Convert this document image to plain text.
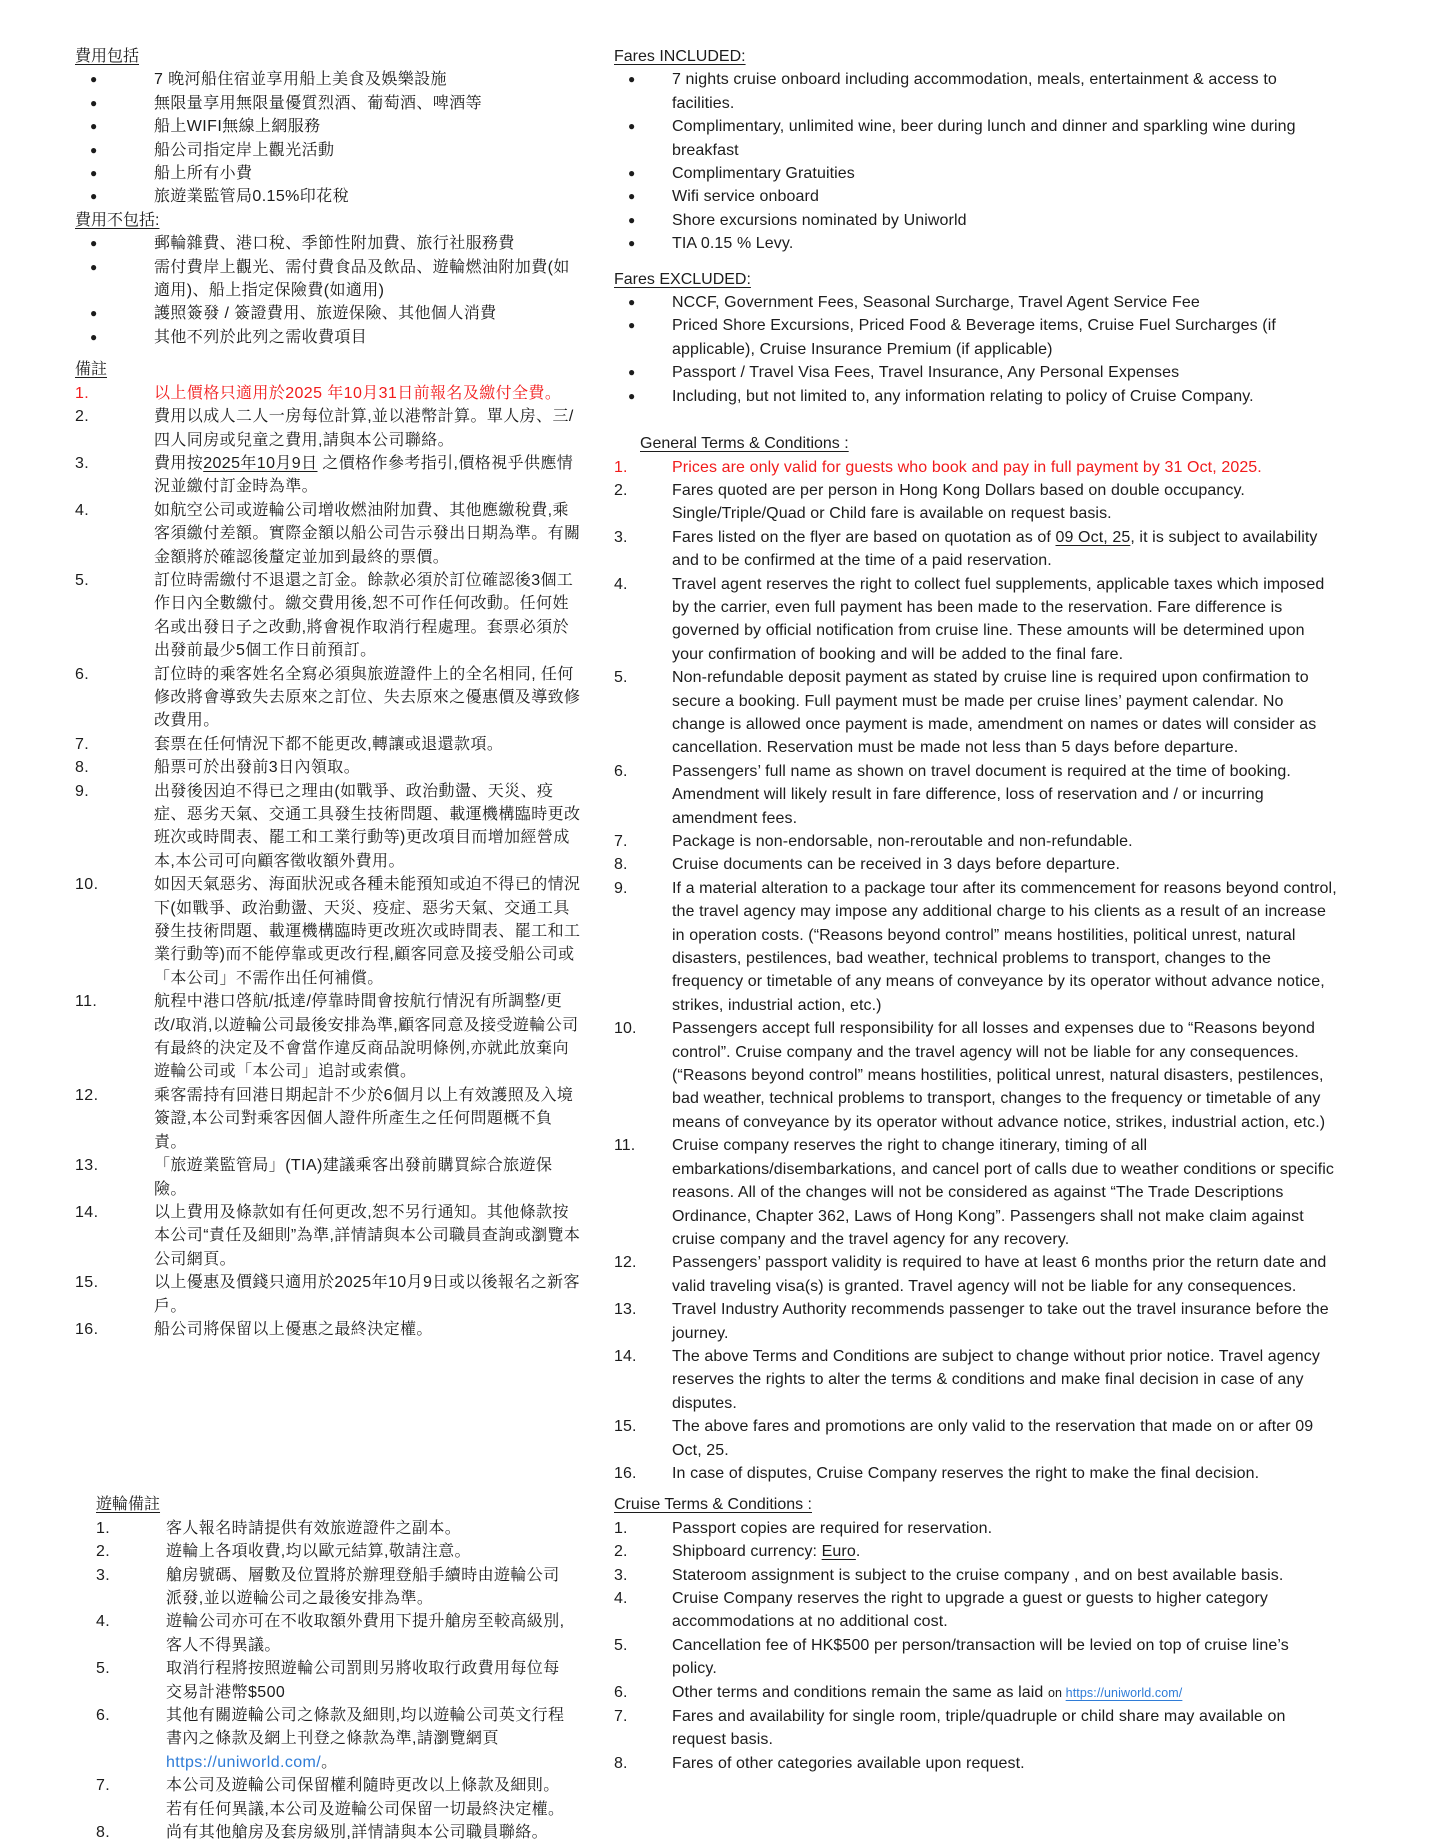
費用包括
●	7 晚河船住宿並享用船上美食及娛樂設施
●	無限量享用無限量優質烈酒、葡萄酒、啤酒等
●	船上WIFI無線上網服務
●	船公司指定岸上觀光活動
●	船上所有小費
●	旅遊業監管局0.15%印花稅
費用不包括:
●	郵輪雜費、港口稅、季節性附加費、旅行社服務費
●	需付費岸上觀光、需付費食品及飲品、遊輪燃油附加費(如適用)、船上指定保險費(如適用)
●	護照簽發 / 簽證費用、旅遊保險、其他個人消費
●	其他不列於此列之需收費項目
備註
1.	以上價格只適用於2025 年10月31日前報名及繳付全費。
2.	費用以成人二人一房每位計算,並以港幣計算。單人房、三/四人同房或兒童之費用,請與本公司聯絡。
3.	費用按2025年10月9日 之價格作參考指引,價格視乎供應情況並繳付訂金時為準。
4.	如航空公司或遊輪公司增收燃油附加費、其他應繳稅費,乘客須繳付差額。實際金額以船公司告示發出日期為準。有關金額將於確認後釐定並加到最終的票價。
5.	訂位時需繳付不退還之訂金。餘款必須於訂位確認後3個工作日內全數繳付。繳交費用後,恕不可作任何改動。任何姓名或出發日子之改動,將會視作取消行程處理。套票必須於出發前最少5個工作日前預訂。
6.	訂位時的乘客姓名全寫必須與旅遊證件上的全名相同, 任何修改將會導致失去原來之訂位、失去原來之優惠價及導致修改費用。
7.	套票在任何情況下都不能更改,轉讓或退還款項。
8.	船票可於出發前3日內領取。
9.	出發後因迫不得已之理由(如戰爭、政治動盪、天災、疫症、惡劣天氣、交通工具發生技術問題、載運機構臨時更改班次或時間表、罷工和工業行動等)更改項目而增加經營成本,本公司可向顧客徵收額外費用。
10.	如因天氣惡劣、海面狀況或各種未能預知或迫不得已的情況下(如戰爭、政治動盪、天災、疫症、惡劣天氣、交通工具發生技術問題、載運機構臨時更改班次或時間表、罷工和工業行動等)而不能停靠或更改行程,顧客同意及接受船公司或「本公司」不需作出任何補償。
11.	航程中港口啓航/抵達/停靠時間會按航行情況有所調整/更改/取消,以遊輪公司最後安排為準,顧客同意及接受遊輪公司有最終的決定及不會當作違反商品說明條例,亦就此放棄向遊輪公司或「本公司」追討或索償。
12.	乘客需持有回港日期起計不少於6個月以上有效護照及入境簽證,本公司對乘客因個人證件所產生之任何問題概不負責。
13.	「旅遊業監管局」(TIA)建議乘客出發前購買綜合旅遊保險。
14.	以上費用及條款如有任何更改,恕不另行通知。其他條款按本公司“責任及細則”為準,詳情請與本公司職員查詢或瀏覽本公司網頁。
15.	以上優惠及價錢只適用於2025年10月9日或以後報名之新客戶。
16.	船公司將保留以上優惠之最終決定權。
遊輪備註
1.	客人報名時請提供有效旅遊證件之副本。
2.	遊輪上各項收費,均以歐元結算,敬請注意。
3.	艙房號碼、層數及位置將於辦理登船手續時由遊輪公司派發,並以遊輪公司之最後安排為準。
4.	遊輪公司亦可在不收取額外費用下提升艙房至較高級別,客人不得異議。
5.	取消行程將按照遊輪公司罰則另將收取行政費用每位每交易計港幣$500
6.	其他有關遊輪公司之條款及細則,均以遊輪公司英文行程書內之條款及網上刊登之條款為準,請瀏覽網頁 https://uniworld.com/。
7.	本公司及遊輪公司保留權利隨時更改以上條款及細則。若有任何異議,本公司及遊輪公司保留一切最終決定權。
8.	尚有其他艙房及套房級別,詳情請與本公司職員聯絡。
Fares INCLUDED:
● 7 nights cruise onboard including accommodation, meals, entertainment & access to facilities.
● Complimentary, unlimited wine, beer during lunch and dinner and sparkling wine during breakfast
● Complimentary Gratuities
● Wifi service onboard
● Shore excursions nominated by Uniworld
● TIA 0.15 % Levy.
Fares EXCLUDED:
● NCCF, Government Fees, Seasonal Surcharge, Travel Agent Service Fee
● Priced Shore Excursions, Priced Food & Beverage items, Cruise Fuel Surcharges (if applicable), Cruise Insurance Premium (if applicable)
● Passport / Travel Visa Fees, Travel Insurance, Any Personal Expenses
● Including, but not limited to, any information relating to policy of Cruise Company.
General Terms & Conditions :
1.	Prices are only valid for guests who book and pay in full payment by 31 Oct, 2025.
2.	Fares quoted are per person in Hong Kong Dollars based on double occupancy. Single/Triple/Quad or Child fare is available on request basis.
3.	Fares listed on the flyer are based on quotation as of 09 Oct, 25, it is subject to availability and to be confirmed at the time of a paid reservation.
4.	Travel agent reserves the right to collect fuel supplements, applicable taxes which imposed by the carrier, even full payment has been made to the reservation. Fare difference is governed by official notification from cruise line. These amounts will be determined upon your confirmation of booking and will be added to the final fare.
5.	Non-refundable deposit payment as stated by cruise line is required upon confirmation to secure a booking. Full payment must be made per cruise lines’ payment calendar. No change is allowed once payment is made, amendment on names or dates will consider as cancellation. Reservation must be made not less than 5 days before departure.
6.	Passengers’ full name as shown on travel document is required at the time of booking. Amendment will likely result in fare difference, loss of reservation and / or incurring amendment fees.
7.	Package is non-endorsable, non-reroutable and non-refundable.
8.	Cruise documents can be received in 3 days before departure.
9.	If a material alteration to a package tour after its commencement for reasons beyond control, the travel agency may impose any additional charge to his clients as a result of an increase in operation costs. (“Reasons beyond control” means hostilities, political unrest, natural disasters, pestilences, bad weather, technical problems to transport, changes to the frequency or timetable of any means of conveyance by its operator without advance notice, strikes, industrial action, etc.)
10. Passengers accept full responsibility for all losses and expenses due to “Reasons beyond control”. Cruise company and the travel agency will not be liable for any consequences. (“Reasons beyond control” means hostilities, political unrest, natural disasters, pestilences, bad weather, technical problems to transport, changes to the frequency or timetable of any means of conveyance by its operator without advance notice, strikes, industrial action, etc.)
11. Cruise company reserves the right to change itinerary, timing of all embarkations/disembarkations, and cancel port of calls due to weather conditions or specific reasons. All of the changes will not be considered as against “The Trade Descriptions Ordinance, Chapter 362, Laws of Hong Kong”. Passengers shall not make claim against cruise company and the travel agency for any recovery.
12. Passengers’ passport validity is required to have at least 6 months prior the return date and valid traveling visa(s) is granted. Travel agency will not be liable for any consequences.
13. Travel Industry Authority recommends passenger to take out the travel insurance before the journey.
14. The above Terms and Conditions are subject to change without prior notice. Travel agency reserves the rights to alter the terms & conditions and make final decision in case of any disputes.
15. The above fares and promotions are only valid to the reservation that made on or after 09 Oct, 25.
16. In case of disputes, Cruise Company reserves the right to make the final decision.
Cruise Terms & Conditions :
1.	Passport copies are required for reservation.
2.	Shipboard currency: Euro.
3.	Stateroom assignment is subject to the cruise company , and on best available basis.
4.	Cruise Company reserves the right to upgrade a guest or guests to higher category accommodations at no additional cost.
5.	Cancellation fee of HK$500 per person/transaction will be levied on top of cruise line’s policy.
6.	Other terms and conditions remain the same as laid on https://uniworld.com/
7.	Fares and availability for single room, triple/quadruple or child share may available on request basis.
8.	Fares of other categories available upon request.
